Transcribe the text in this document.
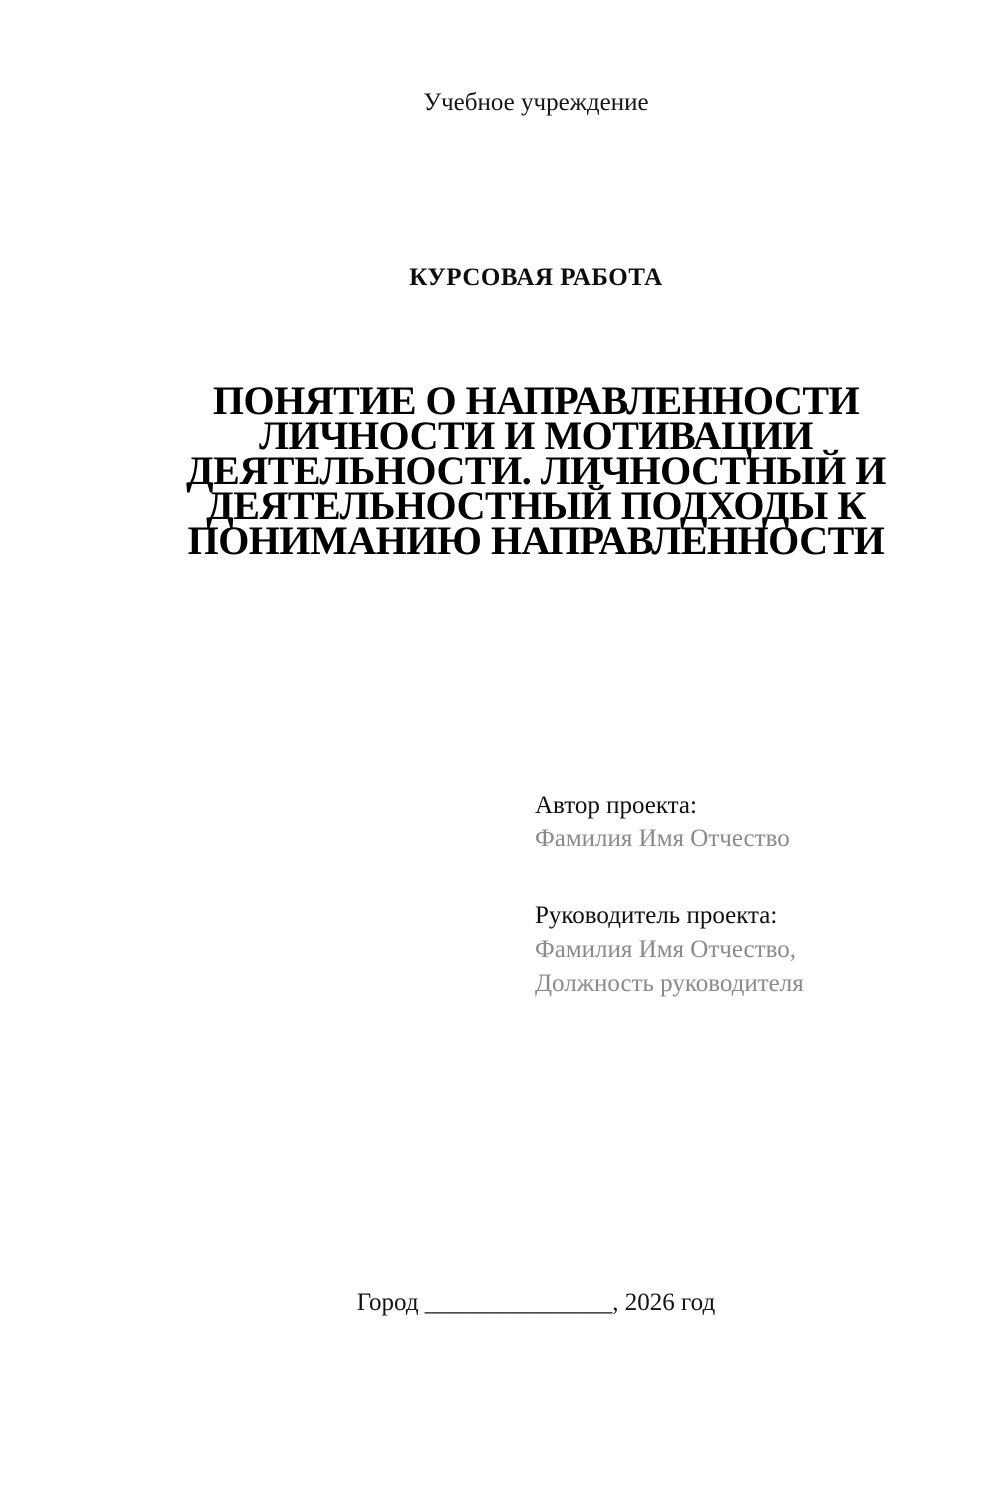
Учебное учреждение
КУРСОВАЯ РАБОТА
ПОНЯТИЕ О НАПРАВЛЕННОСТИ
ЛИЧНОСТИ И МОТИВАЦИИ
ДЕЯТЕЛЬНОСТИ. ЛИЧНОСТНЫЙ И
ДЕЯТЕЛЬНОСТНЫЙ ПОДХОДЫ К
ПОНИМАНИЮ НАПРАВЛЕННОСТИ
Автор проекта:
Фамилия Имя Отчество
Руководитель проекта:
Фамилия Имя Отчество,
Должность руководителя
Город _______________, 2026 год
